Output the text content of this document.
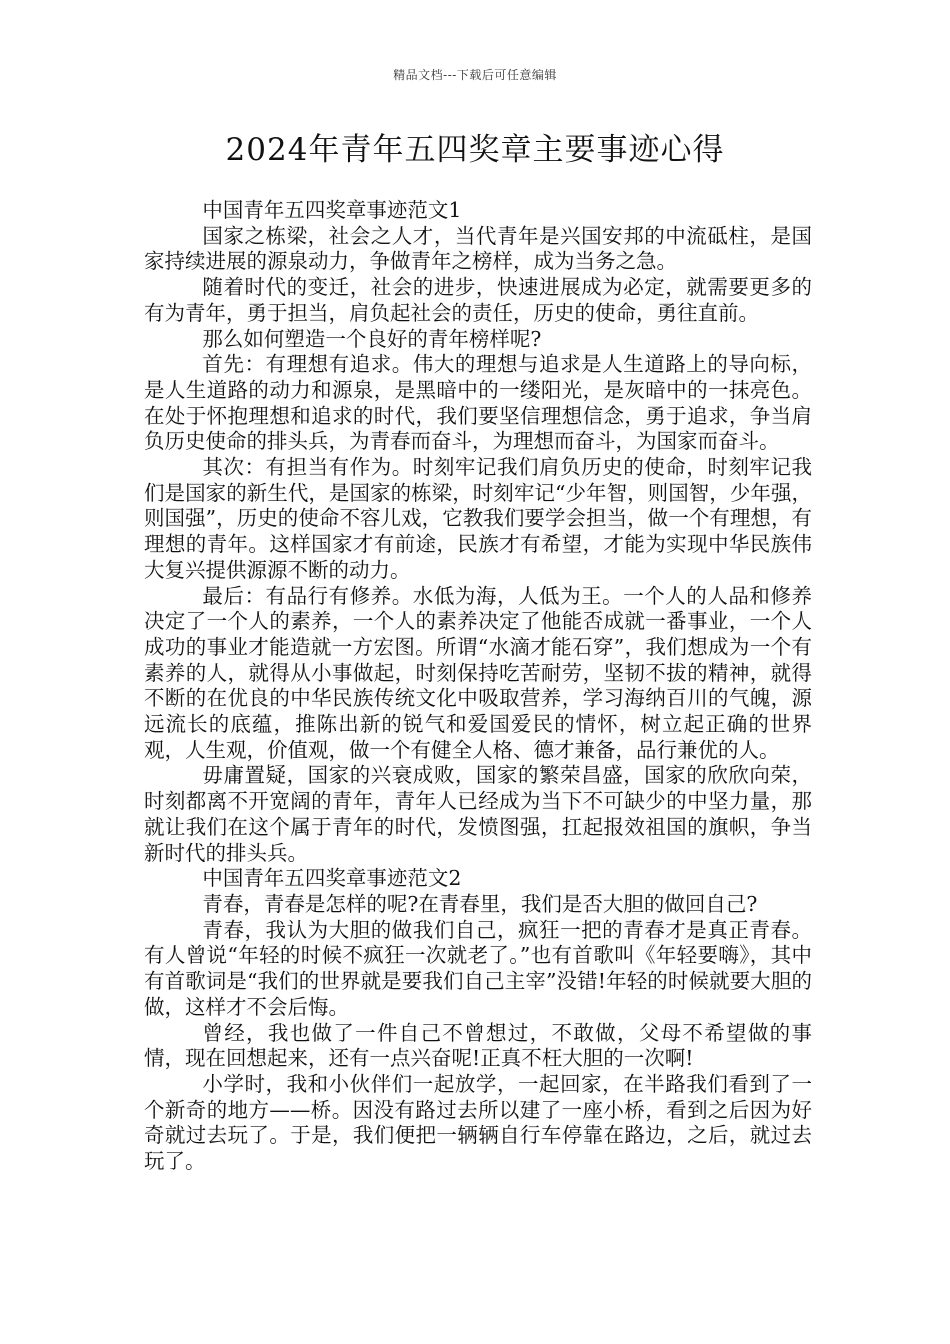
精品文档---下载后可任意编辑
2024年青年五四奖章主要事迹心得

中国青年五四奖章事迹范文1

国家之栋梁，社会之人才，当代青年是兴国安邦的中流砥柱，是国家持续进展的源泉动力，争做青年之榜样，成为当务之急。

随着时代的变迁，社会的进步，快速进展成为必定，就需要更多的有为青年，勇于担当，肩负起社会的责任，历史的使命，勇往直前。

那么如何塑造一个良好的青年榜样呢?

首先：有理想有追求。伟大的理想与追求是人生道路上的导向标，是人生道路的动力和源泉，是黑暗中的一缕阳光，是灰暗中的一抹亮色。在处于怀抱理想和追求的时代，我们要坚信理想信念，勇于追求，争当肩负历史使命的排头兵，为青春而奋斗，为理想而奋斗，为国家而奋斗。

其次：有担当有作为。时刻牢记我们肩负历史的使命，时刻牢记我们是国家的新生代，是国家的栋梁，时刻牢记“少年智，则国智，少年强，则国强”，历史的使命不容儿戏，它教我们要学会担当，做一个有理想，有理想的青年。这样国家才有前途，民族才有希望，才能为实现中华民族伟大复兴提供源源不断的动力。

最后：有品行有修养。水低为海，人低为王。一个人的人品和修养决定了一个人的素养，一个人的素养决定了他能否成就一番事业，一个人成功的事业才能造就一方宏图。所谓“水滴才能石穿”，我们想成为一个有素养的人，就得从小事做起，时刻保持吃苦耐劳，坚韧不拔的精神，就得不断的在优良的中华民族传统文化中吸取营养，学习海纳百川的气魄，源远流长的底蕴，推陈出新的锐气和爱国爱民的情怀，树立起正确的世界观，人生观，价值观，做一个有健全人格、德才兼备，品行兼优的人。

毋庸置疑，国家的兴衰成败，国家的繁荣昌盛，国家的欣欣向荣，时刻都离不开宽阔的青年，青年人已经成为当下不可缺少的中坚力量，那就让我们在这个属于青年的时代，发愤图强，扛起报效祖国的旗帜，争当新时代的排头兵。

中国青年五四奖章事迹范文2

青春，青春是怎样的呢?在青春里，我们是否大胆的做回自己?

青春，我认为大胆的做我们自己，疯狂一把的青春才是真正青春。有人曾说“年轻的时候不疯狂一次就老了。”也有首歌叫《年轻要嗨》，其中有首歌词是“我们的世界就是要我们自己主宰”没错!年轻的时候就要大胆的做，这样才不会后悔。

曾经，我也做了一件自己不曾想过，不敢做，父母不希望做的事情，现在回想起来，还有一点兴奋呢!正真不枉大胆的一次啊!

小学时，我和小伙伴们一起放学，一起回家，在半路我们看到了一个新奇的地方——桥。因没有路过去所以建了一座小桥，看到之后因为好奇就过去玩了。于是，我们便把一辆辆自行车停靠在路边，之后，就过去玩了。
